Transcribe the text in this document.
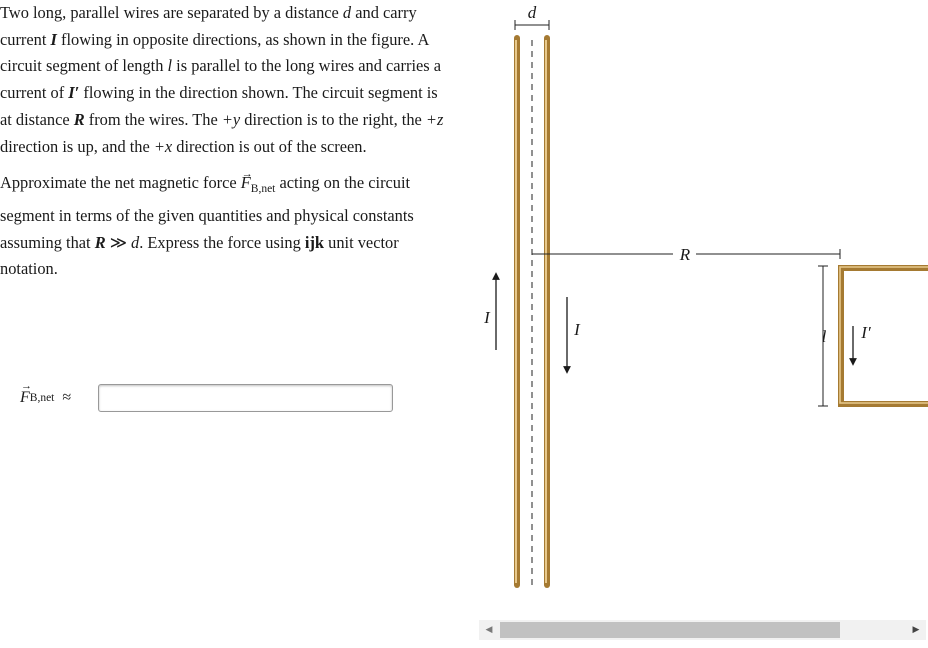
Two long, parallel wires are separated by a distance d and carry current I flowing in opposite directions, as shown in the figure. A circuit segment of length l is parallel to the long wires and carries a current of I′ flowing in the direction shown. The circuit segment is at distance R from the wires. The +y direction is to the right, the +z direction is up, and the +x direction is out of the screen.

Approximate the net magnetic force → $F_{B,net}$ acting on the circuit segment in terms of the given quantities and physical constants assuming that R ≫ d. Express the force using ijk unit vector notation.

→ F B,net
≈
d
R
I
I	l I′
◀	▶
